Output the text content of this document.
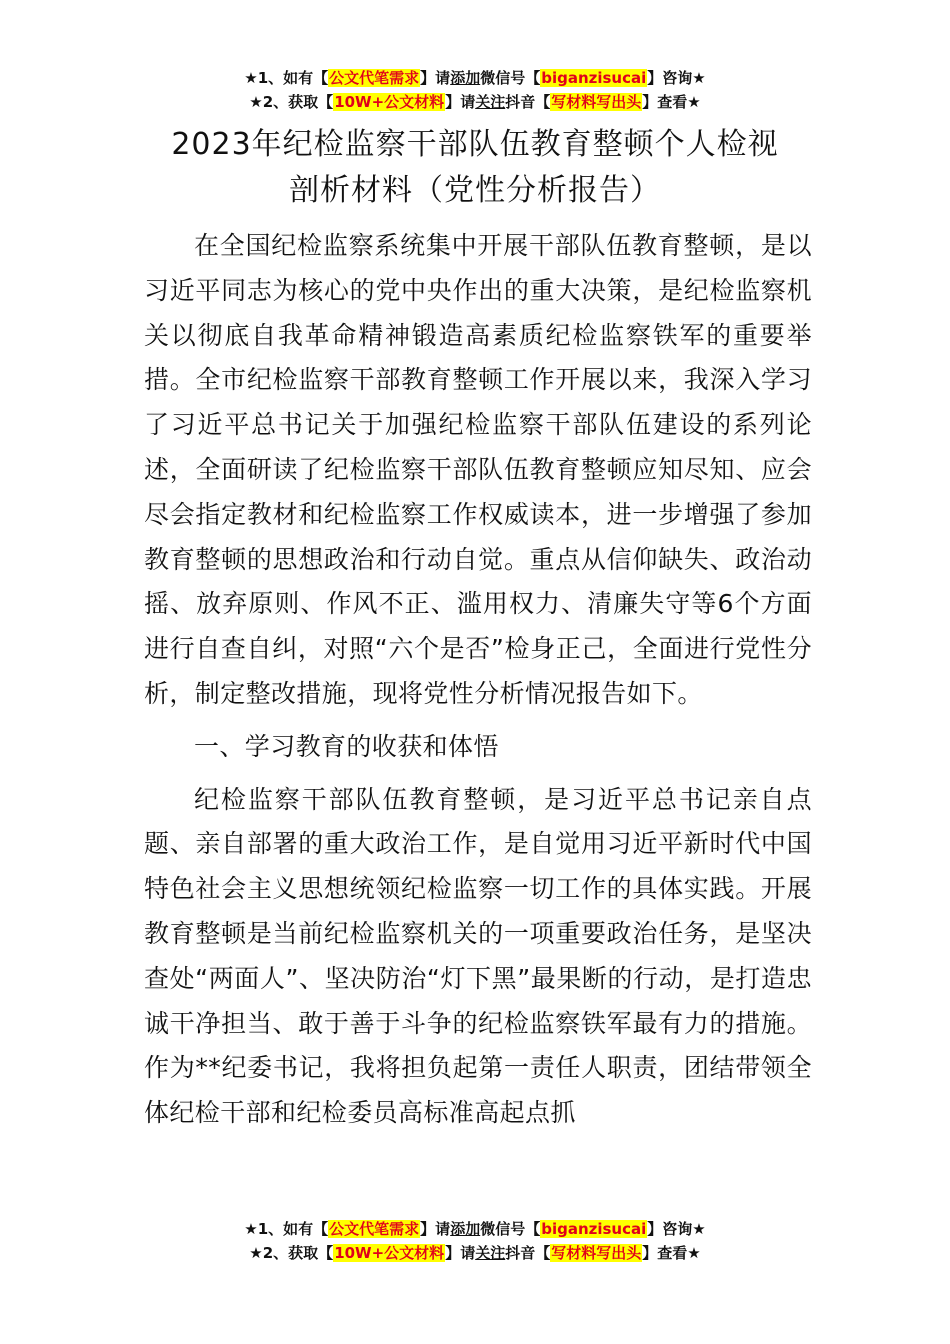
★1、如有【公文代笔需求】请添加微信号【biganzisucai】咨询★
★2、获取【10W+公文材料】请关注抖音【写材料写出头】查看★
2023年纪检监察干部队伍教育整顿个人检视
剖析材料（党性分析报告）

在全国纪检监察系统集中开展干部队伍教育整顿，是以习近平同志为核心的党中央作出的重大决策，是纪检监察机关以彻底自我革命精神锻造高素质纪检监察铁军的重要举措。全市纪检监察干部教育整顿工作开展以来，我深入学习了习近平总书记关于加强纪检监察干部队伍建设的系列论述，全面研读了纪检监察干部队伍教育整顿应知尽知、应会尽会指定教材和纪检监察工作权威读本，进一步增强了参加教育整顿的思想政治和行动自觉。重点从信仰缺失、政治动摇、放弃原则、作风不正、滥用权力、清廉失守等6个方面进行自查自纠，对照“六个是否”检身正己，全面进行党性分析，制定整改措施，现将党性分析情况报告如下。

一、学习教育的收获和体悟

纪检监察干部队伍教育整顿，是习近平总书记亲自点题、亲自部署的重大政治工作，是自觉用习近平新时代中国特色社会主义思想统领纪检监察一切工作的具体实践。开展教育整顿是当前纪检监察机关的一项重要政治任务，是坚决查处“两面人”、坚决防治“灯下黑”最果断的行动，是打造忠诚干净担当、敢于善于斗争的纪检监察铁军最有力的措施。作为**纪委书记，我将担负起第一责任人职责，团结带领全体纪检干部和纪检委员高标准高起点抓

★1、如有【公文代笔需求】请添加微信号【biganzisucai】咨询★
★2、获取【10W+公文材料】请关注抖音【写材料写出头】查看★
